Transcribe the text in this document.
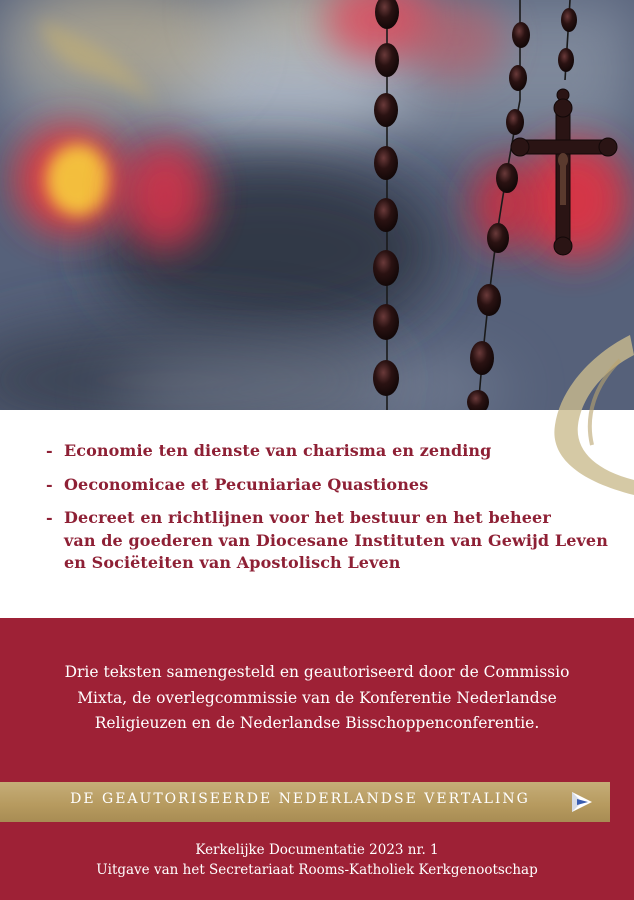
- Economie ten dienste van charisma en zending
- Oeconomicae et Pecuniariae Quastiones
- Decreet en richtlijnen voor het bestuur en het beheer
van de goederen van Diocesane Instituten van Gewijd Leven
en Sociëteiten van Apostolisch Leven
Drie teksten samengesteld en geautoriseerd door de Commissio
Mixta, de overlegcommissie van de Konferentie Nederlandse
Religieuzen en de Nederlandse Bisschoppenconferentie.
DE GEAUTORISEERDE NEDERLANDSE VERTALING
Kerkelijke Documentatie 2023 nr. 1
Uitgave van het Secretariaat Rooms-Katholiek Kerkgenootschap
